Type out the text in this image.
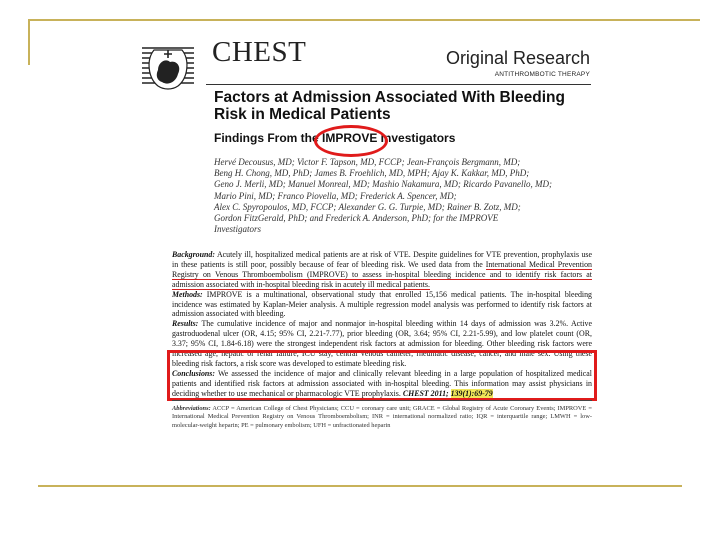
CHEST	Original Research
ANTITHROMBOTIC THERAPY
Factors at Admission Associated With Bleeding Risk in Medical Patients
Findings From the IMPROVE
Investigators

Hervé Decousus, MD; Victor F. Tapson, MD, FCCP; Jean-François Bergmann, MD;

Beng H. Chong, MD, PhD; James B. Froehlich, MD, MPH; Ajay K. Kakkar, MD, PhD;

Geno J. Merli, MD; Manuel Monreal, MD; Mashio Nakamura, MD; Ricardo Pavanello, MD;

Mario Pini, MD; Franco Piovella, MD; Frederick A. Spencer, MD;

Alex C. Spyropoulos, MD, FCCP; Alexander G. G. Turpie, MD; Rainer B. Zotz, MD;

Gordon FitzGerald, PhD; and Frederick A. Anderson, PhD; for the IMPROVE

Investigators

Background: Acutely ill, hospitalized medical patients are at risk of VTE. Despite guidelines for VTE prevention, prophylaxis use in these patients is still poor, possibly because of fear of bleeding risk. We used data from the International Medical Prevention Registry on Venous Thromboembolism (IMPROVE) to assess in-hospital bleeding incidence and to identify risk factors at admission associated with in-hospital bleeding risk in acutely ill medical patients.

Methods: IMPROVE is a multinational, observational study that enrolled 15,156 medical patients. The in-hospital bleeding incidence was estimated by Kaplan-Meier analysis. A multiple regression model analysis was performed to identify risk factors at admission associated with bleeding.

Results: The cumulative incidence of major and nonmajor in-hospital bleeding within 14 days of admission was 3.2%. Active gastroduodenal ulcer (OR, 4.15; 95% CI, 2.21-7.77), prior bleeding (OR, 3.64; 95% CI, 2.21-5.99), and low platelet count (OR, 3.37; 95% CI, 1.84-6.18) were the strongest independent risk factors at admission for bleeding. Other bleeding risk factors were increased age, hepatic or renal failure, ICU stay, central venous catheter, rheumatic disease, cancer, and male sex. Using these bleeding risk factors, a risk score was developed to estimate bleeding risk.

Conclusions: We assessed the incidence of major and clinically relevant bleeding in a large population of hospitalized medical patients and identified risk factors at admission associated with in-hospital bleeding. This information may assist physicians in deciding whether to use mechanical or pharmacologic VTE prophylaxis. CHEST 2011; 139(1):69-79

Abbreviations: ACCP = American College of Chest Physicians; CCU = coronary care unit; GRACE = Global Registry of Acute Coronary Events; IMPROVE = International Medical Prevention Registry on Venous Thromboembolism; INR = international normalized ratio; IQR = interquartile range; LMWH = low-molecular-weight heparin; PE = pulmonary embolism; UFH = unfractionated heparin
